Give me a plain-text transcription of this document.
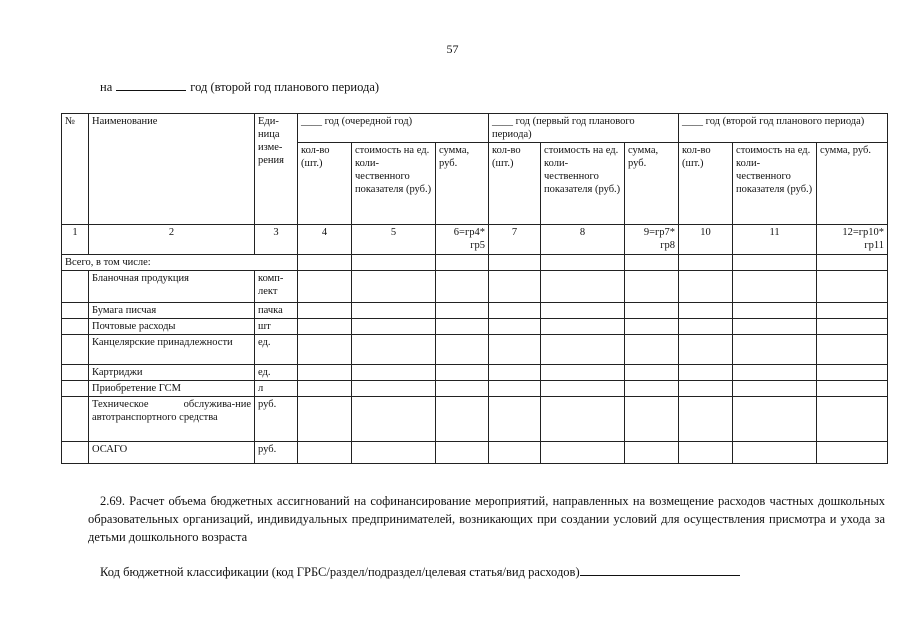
57
на	год (второй год планового периода)
№	Наименование	Еди-ница изме-рения	____ год (очередной год)			____ год (первый год планового периода)			____ год (второй год планового периода)		
			кол-во (шт.)	стоимость на ед. коли-чественного показателя (руб.)	сумма, руб.	кол-во (шт.)	стоимость на ед. коли-чественного показателя (руб.)	сумма, руб.	кол-во (шт.)	стоимость на ед. коли-чественного показателя (руб.)	сумма, руб.
1	2	3	4	5	6=гр4* гр5	7	8	9=гр7* гр8	10	11	12=гр10* гр11
Всего, в том числе:											
	Бланочная продукция	комп-лект									
	Бумага писчая	пачка									
	Почтовые расходы	шт									
	Канцелярские принадлежности	ед.									
	Картриджи	ед.									
	Приобретение ГСМ	л									
	Техническое обслужива-ние автотранспортного средства	руб.									
	ОСАГО	руб.									
2.69. Расчет объема бюджетных ассигнований на софинансирование мероприятий, направленных на возмещение расходов частных дошкольных образовательных организаций, индивидуальных предпринимателей, возникающих при создании условий для осуществления присмотра и ухода за детьми дошкольного возраста
Код бюджетной классификации (код ГРБС/раздел/подраздел/целевая статья/вид расходов)
